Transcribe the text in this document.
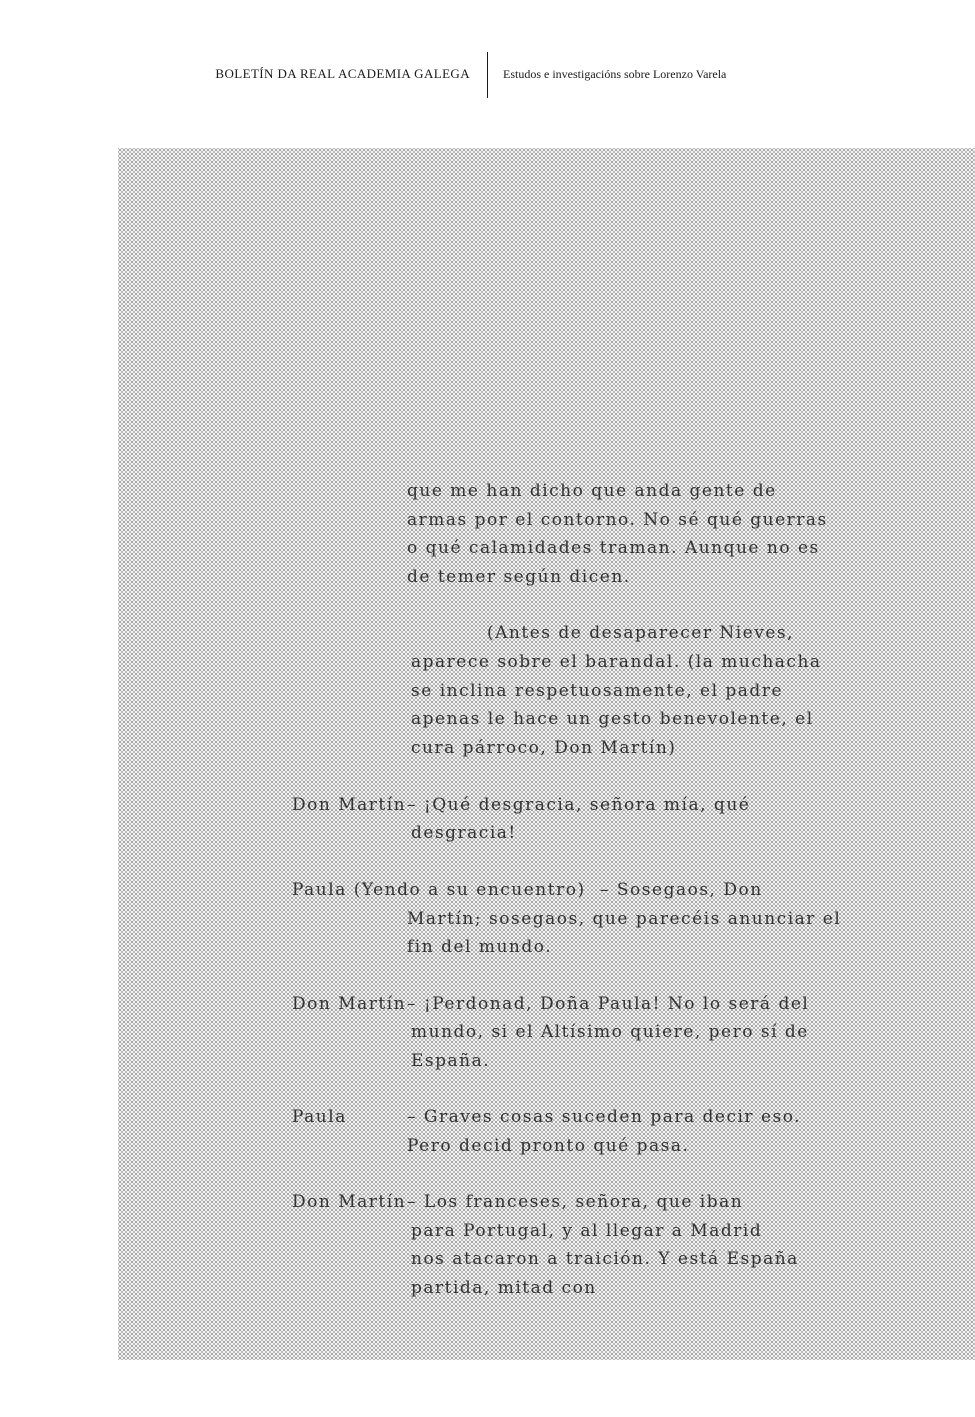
BOLETÍN DA REAL ACADEMIA GALEGA	Estudos e investigacións sobre Lorenzo Varela
que me han dicho que anda gente de
armas por el contorno. No sé qué guerras
o qué calamidades traman. Aunque no es
de temer según dicen.
(Antes de desaparecer Nieves,
aparece sobre el barandal. (la muchacha
se inclina respetuosamente, el padre
apenas le hace un gesto benevolente, el
cura párroco, Don Martín)
Don Martín – ¡Qué desgracia, señora mía, qué
desgracia!
Paula (Yendo a su encuentro) – Sosegaos, Don
Martín; sosegaos, que parecéis anunciar el
fin del mundo.
Don Martín – ¡Perdonad, Doña Paula! No lo será del
mundo, si el Altísimo quiere, pero sí de
España.
Paula	– Graves cosas suceden para decir eso.
Pero decid pronto qué pasa.
Don Martín – Los franceses, señora, que iban
para Portugal, y al llegar a Madrid
nos atacaron a traición. Y está España
partida, mitad con
